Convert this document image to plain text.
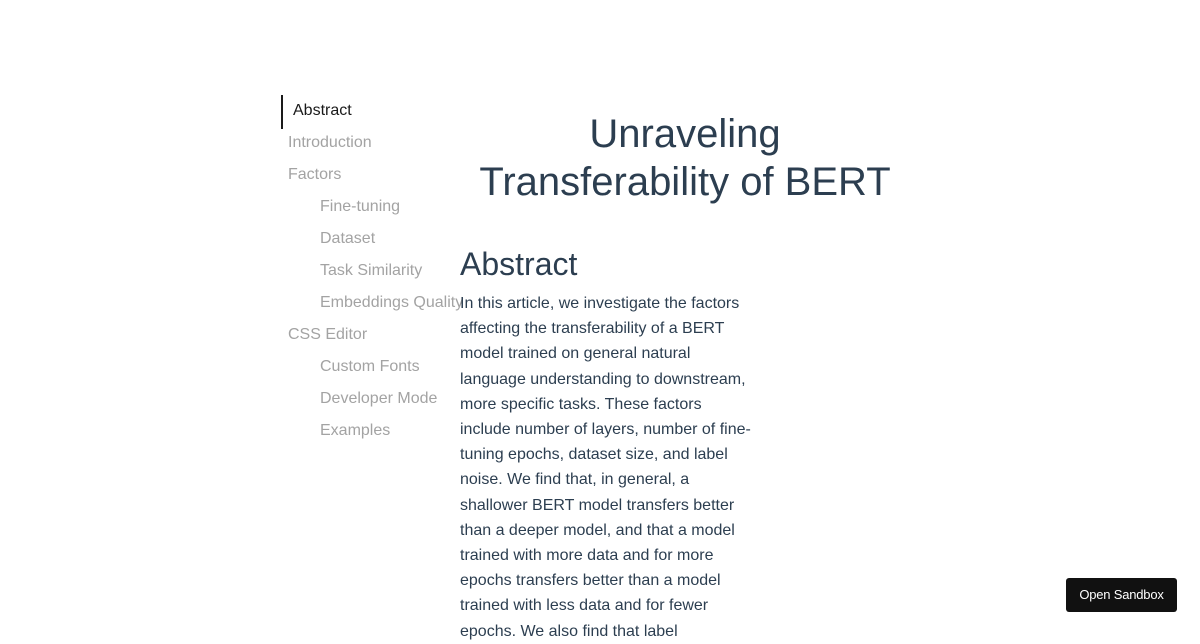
Abstract
Introduction
Factors
Fine-tuning
Dataset
Task Similarity
Embeddings Quality
CSS Editor
Custom Fonts
Developer Mode
Examples
Unraveling Transferability of BERT
Abstract

In this article, we investigate the factors affecting the transferability of a BERT model trained on general natural language understanding to downstream, more specific tasks. These factors include number of layers, number of fine-tuning epochs, dataset size, and label noise. We find that, in general, a shallower BERT model transfers better than a deeper model, and that a model trained with more data and for more epochs transfers better than a model trained with less data and for fewer epochs. We also find that label

Open Sandbox
